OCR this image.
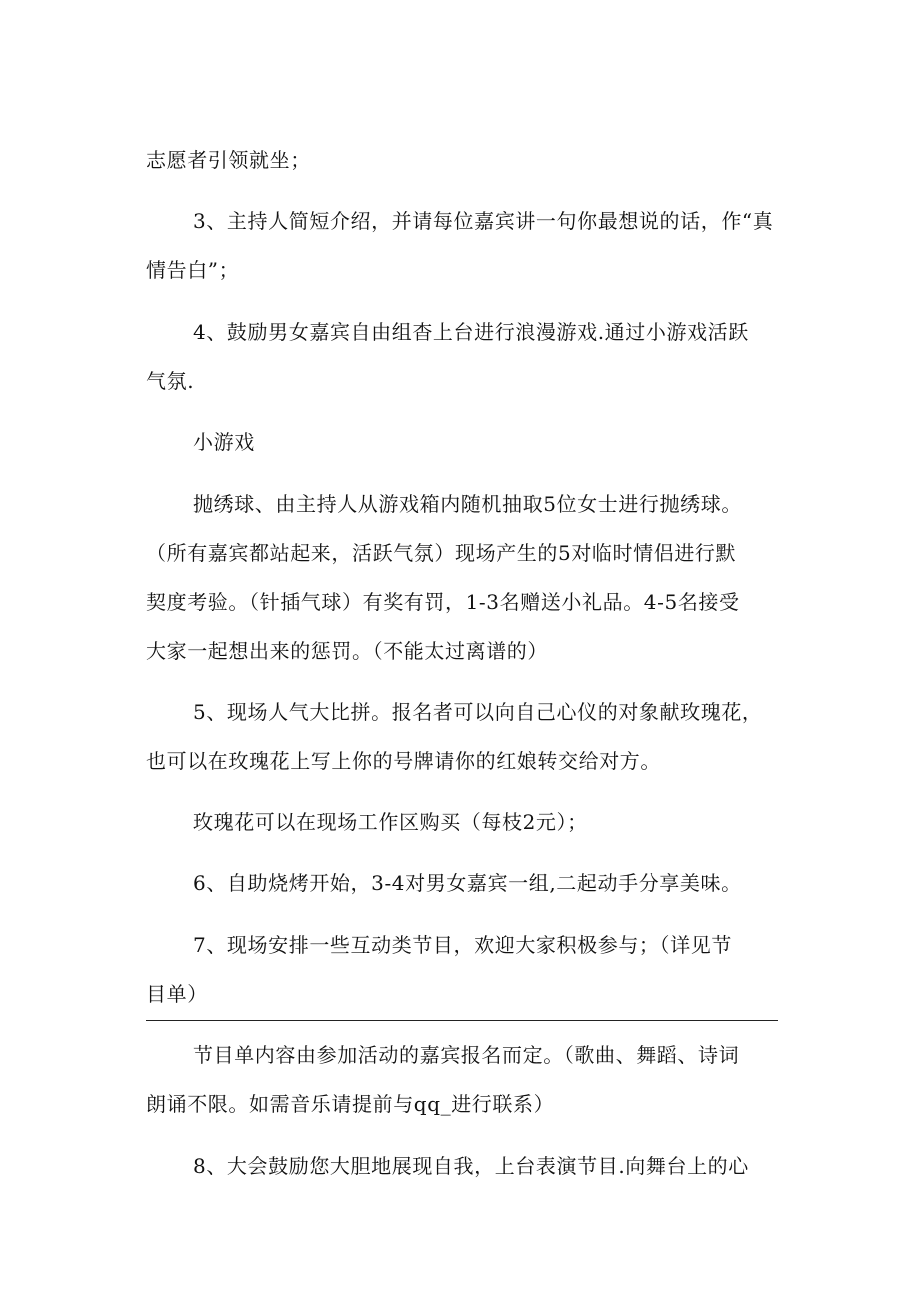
志愿者引领就坐；
3、主持人简短介绍，并请每位嘉宾讲一句你最想说的话，作“真
情告白”；
4、鼓励男女嘉宾自由组杳上台进行浪漫游戏.通过小游戏活跃
气氛.
小游戏
抛绣球、由主持人从游戏箱内随机抽取5位女士进行抛绣球。
（所有嘉宾都站起来，活跃气氛）现场产生的5对临时情侣进行默
契度考验。（针插气球）有奖有罚，1-3名赠送小礼品。4-5名接受
大家一起想出来的惩罚。（不能太过离谱的）
5、现场人气大比拼。报名者可以向自己心仪的对象献玫瑰花，
也可以在玫瑰花上写上你的号牌请你的红娘转交给对方。
玫瑰花可以在现场工作区购买（每枝2元）；
6、自助烧烤开始，3-4对男女嘉宾一组,二起动手分享美味。
7、现场安排一些互动类节目，欢迎大家积极参与；（详见节
目单）
节目单内容由参加活动的嘉宾报名而定。（歌曲、舞蹈、诗词
朗诵不限。如需音乐请提前与qq_进行联系）
8、大会鼓励您大胆地展现自我，上台表演节目.向舞台上的心
